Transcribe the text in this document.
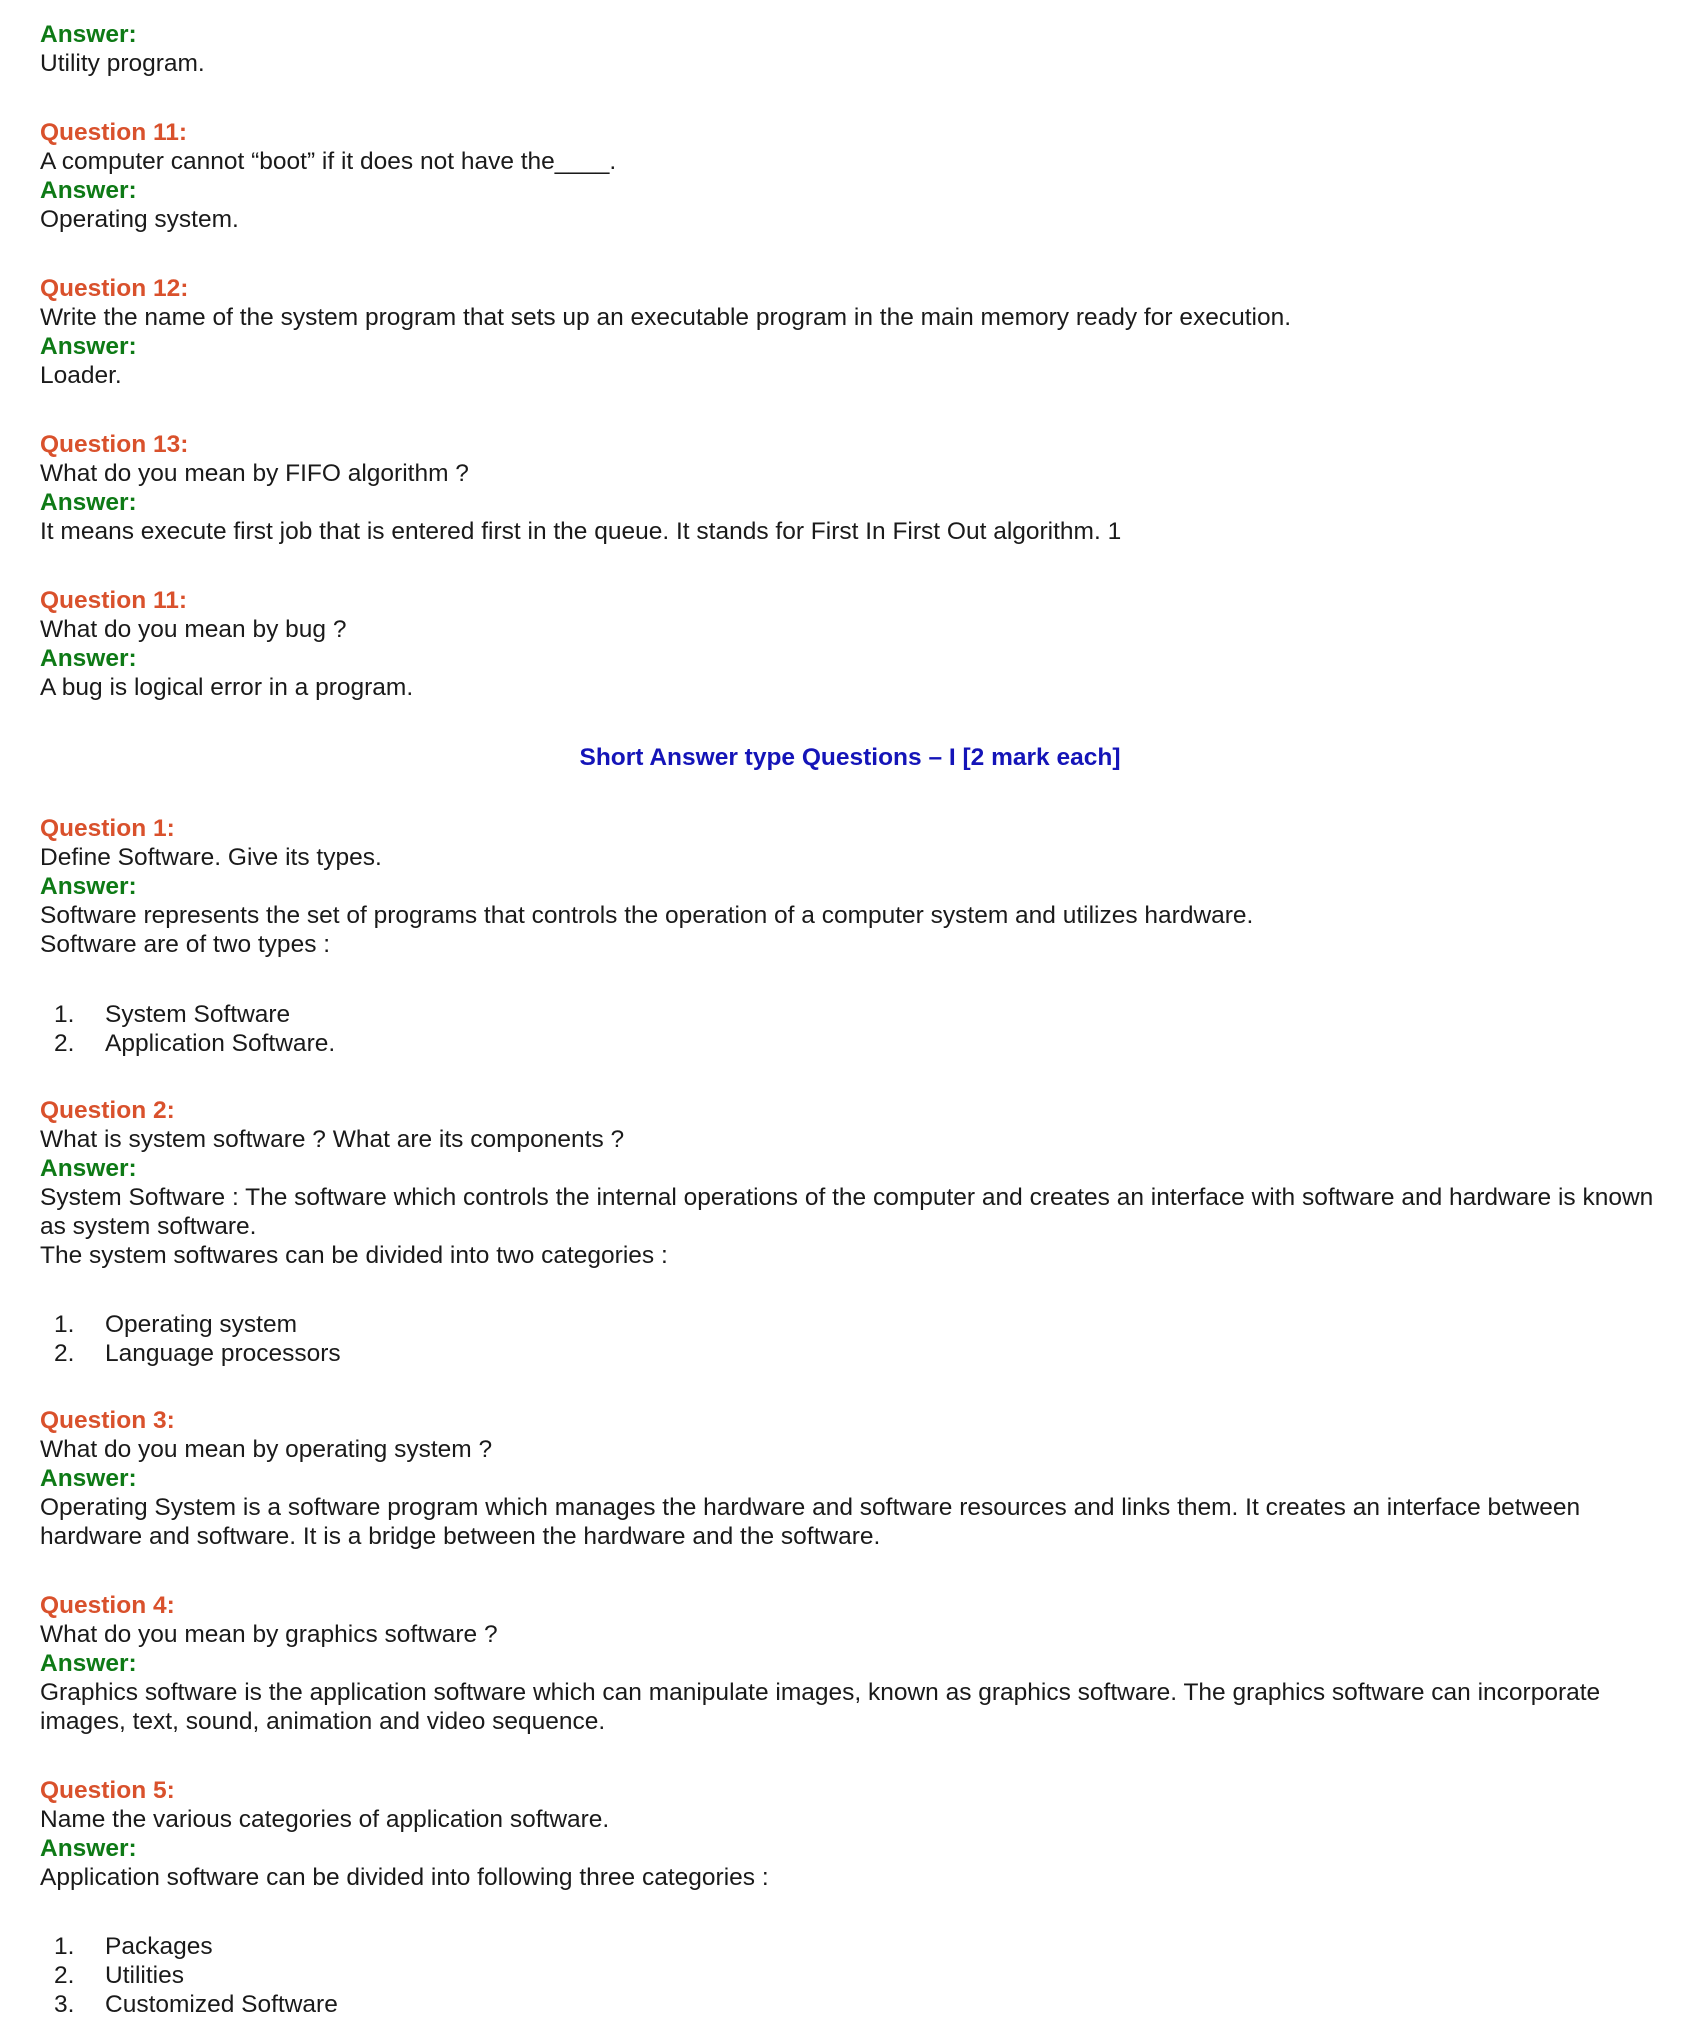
Answer:
Utility program.
Question 11:
A computer cannot “boot” if it does not have the____.
Answer:
Operating system.
Question 12:
Write the name of the system program that sets up an executable program in the main memory ready for execution.
Answer:
Loader.
Question 13:
What do you mean by FIFO algorithm ?
Answer:
It means execute first job that is entered first in the queue. It stands for First In First Out algorithm. 1
Question 11:
What do you mean by bug ?
Answer:
A bug is logical error in a program.
Short Answer type Questions – I [2 mark each]
Question 1:
Define Software. Give its types.
Answer:
Software represents the set of programs that controls the operation of a computer system and utilizes hardware.
Software are of two types :
1. System Software
2. Application Software.
Question 2:
What is system software ? What are its components ?
Answer:
System Software : The software which controls the internal operations of the computer and creates an interface with software and hardware is known as system software.
The system softwares can be divided into two categories :
1. Operating system
2. Language processors
Question 3:
What do you mean by operating system ?
Answer:
Operating System is a software program which manages the hardware and software resources and links them. It creates an interface between hardware and software. It is a bridge between the hardware and the software.
Question 4:
What do you mean by graphics software ?
Answer:
Graphics software is the application software which can manipulate images, known as graphics software. The graphics software can incorporate images, text, sound, animation and video sequence.
Question 5:
Name the various categories of application software.
Answer:
Application software can be divided into following three categories :
1. Packages
2. Utilities
3. Customized Software
